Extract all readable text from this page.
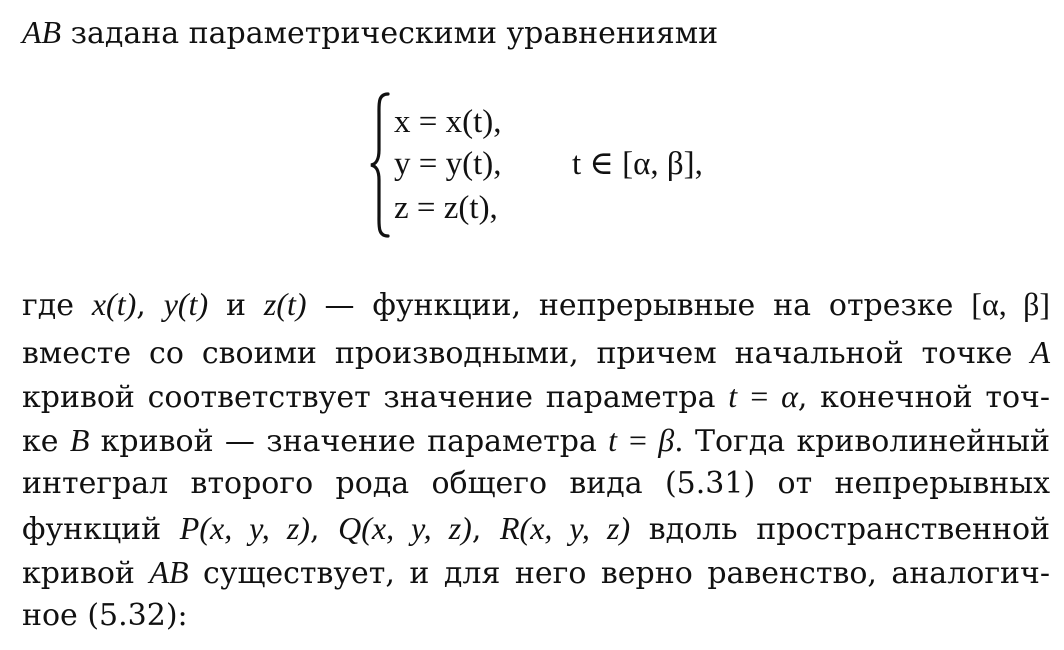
AB задана параметрическими уравнениями
x = x(t),
y = y(t),
z = z(t),
t ∈ [α, β],
где x(t), y(t) и z(t) — функции, непрерывные на отрезке [α, β]
вместе со своими производными, причем начальной точке A
кривой соответствует значение параметра t = α, конечной точ-
ке B кривой — значение параметра t = β. Тогда криволинейный
интеграл второго рода общего вида (5.31) от непрерывных
функций P(x, y, z), Q(x, y, z), R(x, y, z) вдоль пространственной
кривой AB существует, и для него верно равенство, аналогич-
ное (5.32):
